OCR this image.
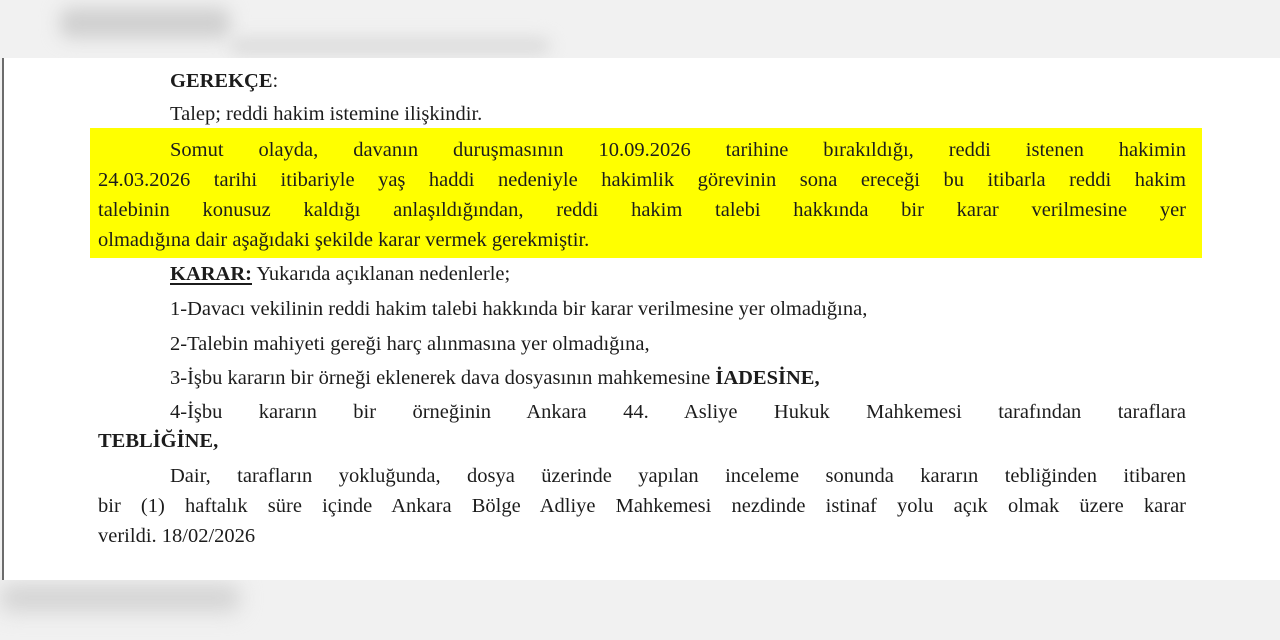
GEREKÇE:
Talep; reddi hakim istemine ilişkindir.
Somut olayda, davanın duruşmasının 10.09.2026 tarihine bırakıldığı, reddi istenen hakimin
24.03.2026 tarihi itibariyle yaş haddi nedeniyle hakimlik görevinin sona ereceği bu itibarla reddi hakim
talebinin konusuz kaldığı anlaşıldığından, reddi hakim talebi hakkında bir karar verilmesine yer
olmadığına dair aşağıdaki şekilde karar vermek gerekmiştir.
KARAR: Yukarıda açıklanan nedenlerle;
1-Davacı vekilinin reddi hakim talebi hakkında bir karar verilmesine yer olmadığına,
2-Talebin mahiyeti gereği harç alınmasına yer olmadığına,
3-İşbu kararın bir örneği eklenerek dava dosyasının mahkemesine İADESİNE,
4-İşbu kararın bir örneğinin Ankara 44. Asliye Hukuk Mahkemesi tarafından taraflara
TEBLİĞİNE,
Dair, tarafların yokluğunda, dosya üzerinde yapılan inceleme sonunda kararın tebliğinden itibaren
bir (1) haftalık süre içinde Ankara Bölge Adliye Mahkemesi nezdinde istinaf yolu açık olmak üzere karar
verildi. 18/02/2026
